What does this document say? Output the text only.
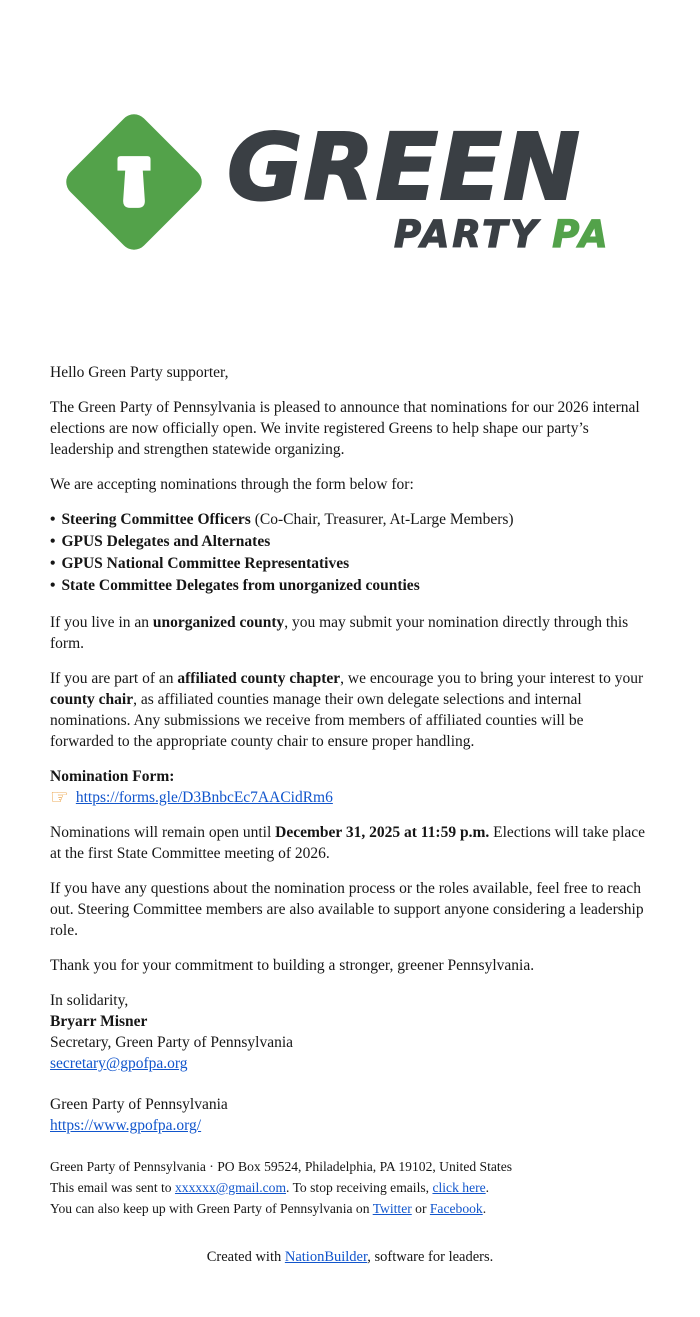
GREEN
PARTY PA

Hello Green Party supporter,

The Green Party of Pennsylvania is pleased to announce that nominations for our 2026 internal elections are now officially open. We invite registered Greens to help shape our party’s leadership and strengthen statewide organizing.

We are accepting nominations through the form below for:

• Steering Committee Officers (Co-Chair, Treasurer, At-Large Members)
• GPUS Delegates and Alternates
• GPUS National Committee Representatives
• State Committee Delegates from unorganized counties

If you live in an unorganized county, you may submit your nomination directly through this form.

If you are part of an affiliated county chapter, we encourage you to bring your interest to your county chair, as affiliated counties manage their own delegate selections and internal nominations. Any submissions we receive from members of affiliated counties will be forwarded to the appropriate county chair to ensure proper handling.

Nomination Form:

☞ https://forms.gle/D3BnbcEc7AACidRm6

Nominations will remain open until December 31, 2025 at 11:59 p.m. Elections will take place at the first State Committee meeting of 2026.

If you have any questions about the nomination process or the roles available, feel free to reach out. Steering Committee members are also available to support anyone considering a leadership role.

Thank you for your commitment to building a stronger, greener Pennsylvania.

In solidarity,
Bryarr Misner
Secretary, Green Party of Pennsylvania
secretary@gpofpa.org
Green Party of Pennsylvania
https://www.gpofpa.org/
Green Party of Pennsylvania · PO Box 59524, Philadelphia, PA 19102, United States
This email was sent to xxxxxx@gmail.com. To stop receiving emails, click here.
You can also keep up with Green Party of Pennsylvania on Twitter or Facebook.
Created with NationBuilder, software for leaders.
